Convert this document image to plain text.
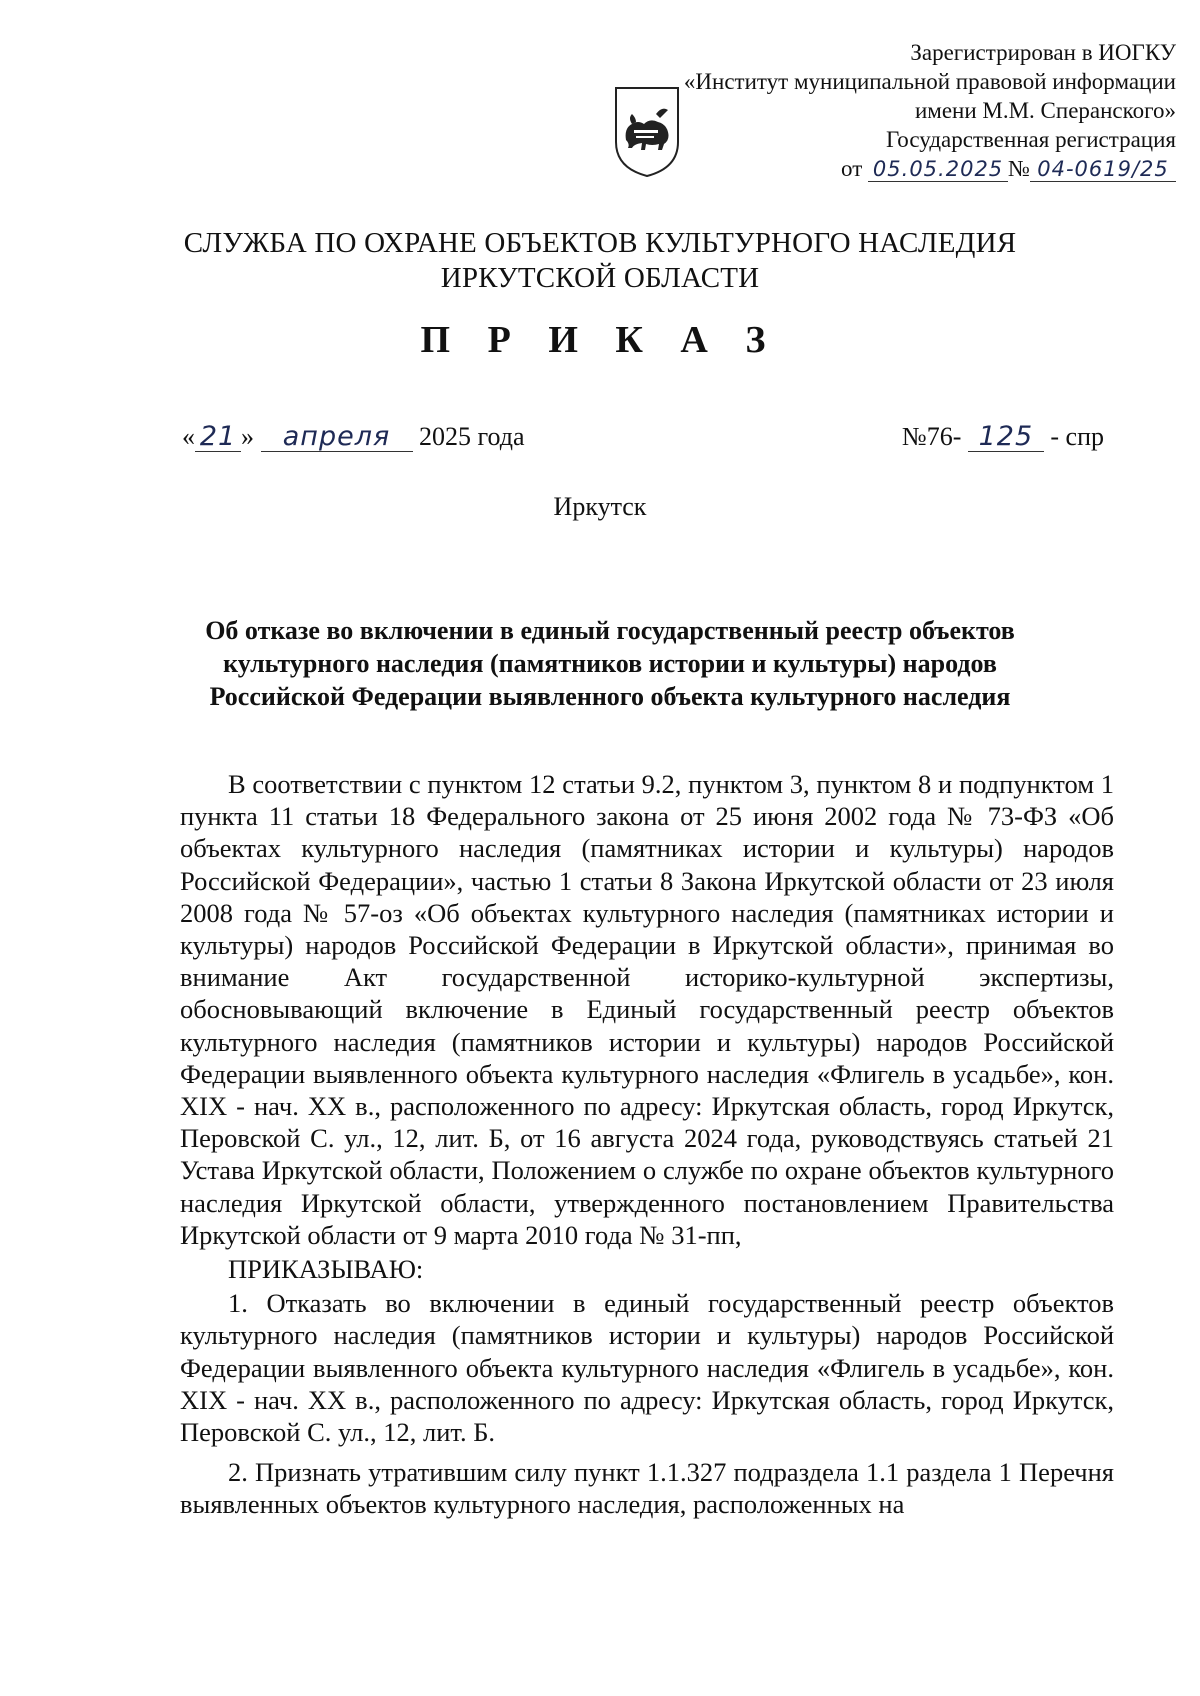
Зарегистрирован в ИОГКУ
«Институт муниципальной правовой информации
имени М.М. Сперанского»
Государственная регистрация
от 05.05.2025 № 04-0619/25
СЛУЖБА ПО ОХРАНЕ ОБЪЕКТОВ КУЛЬТУРНОГО НАСЛЕДИЯ
ИРКУТСКОЙ ОБЛАСТИ
П Р И К А З
« 21 » апреля 2025 года	№76- 125 - спр
Иркутск
Об отказе во включении в единый государственный реестр объектов
культурного наследия (памятников истории и культуры) народов
Российской Федерации выявленного объекта культурного наследия

В соответствии с пунктом 12 статьи 9.2, пунктом 3, пунктом 8 и подпунктом 1 пункта 11 статьи 18 Федерального закона от 25 июня 2002 года № 73-ФЗ «Об объектах культурного наследия (памятниках истории и культуры) народов Российской Федерации», частью 1 статьи 8 Закона Иркутской области от 23 июля 2008 года № 57-оз «Об объектах культурного наследия (памятниках истории и культуры) народов Российской Федерации в Иркутской области», принимая во внимание Акт государственной историко-культурной экспертизы, обосновывающий включение в Единый государственный реестр объектов культурного наследия (памятников истории и культуры) народов Российской Федерации выявленного объекта культурного наследия «Флигель в усадьбе», кон. XIX - нач. XX в., расположенного по адресу: Иркутская область, город Иркутск, Перовской С. ул., 12, лит. Б, от 16 августа 2024 года, руководствуясь статьей 21 Устава Иркутской области, Положением о службе по охране объектов культурного наследия Иркутской области, утвержденного постановлением Правительства Иркутской области от 9 марта 2010 года № 31-пп,

ПРИКАЗЫВАЮ:

1. Отказать во включении в единый государственный реестр объектов культурного наследия (памятников истории и культуры) народов Российской Федерации выявленного объекта культурного наследия «Флигель в усадьбе», кон. XIX - нач. XX в., расположенного по адресу: Иркутская область, город Иркутск, Перовской С. ул., 12, лит. Б.

2. Признать утратившим силу пункт 1.1.327 подраздела 1.1 раздела 1 Перечня выявленных объектов культурного наследия, расположенных на
